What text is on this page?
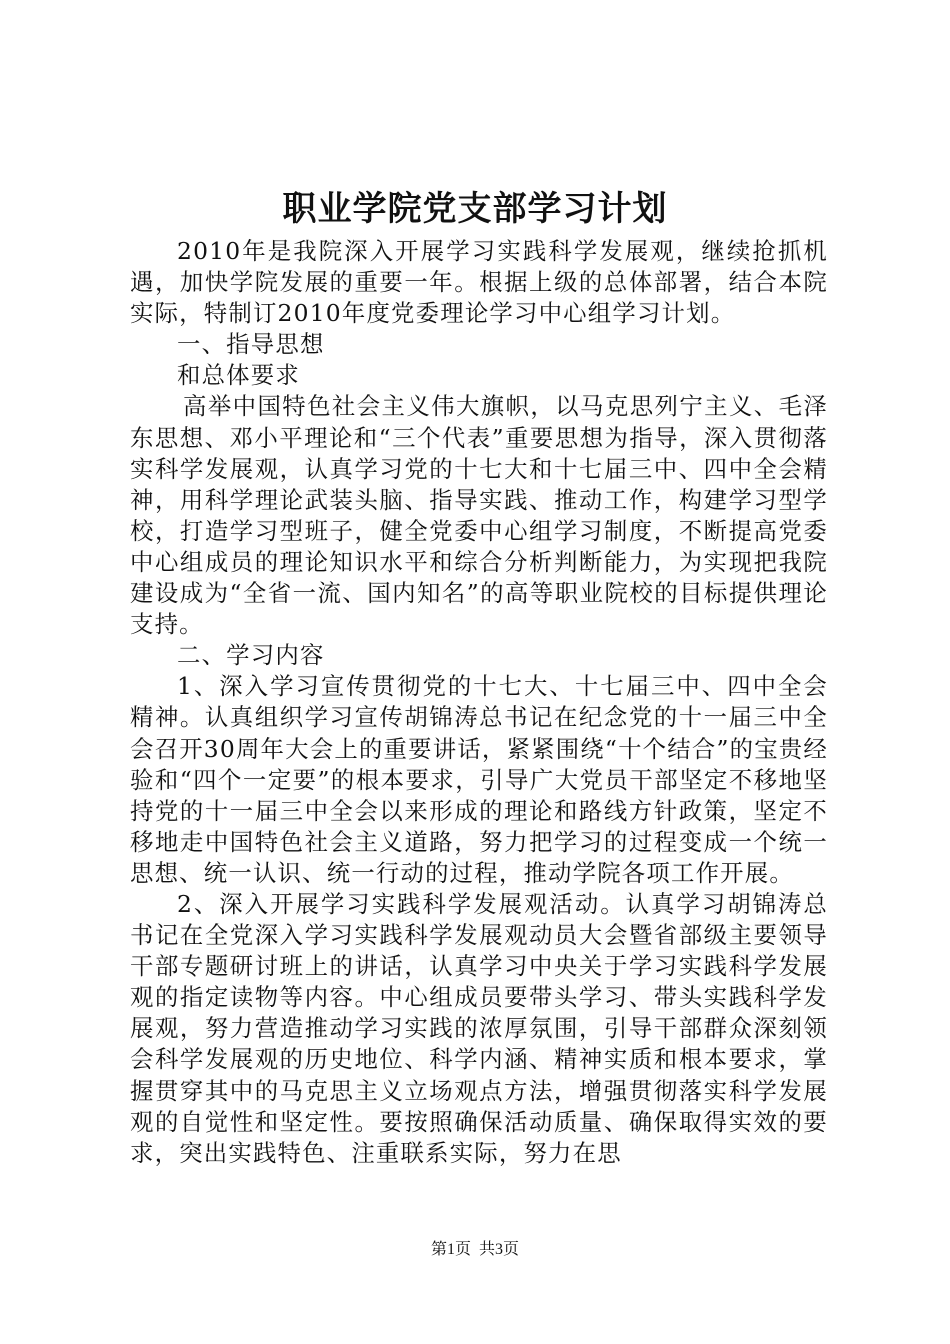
职业学院党支部学习计划

2010年是我院深入开展学习实践科学发展观，继续抢抓机遇，加快学院发展的重要一年。根据上级的总体部署，结合本院实际，特制订2010年度党委理论学习中心组学习计划。

一、指导思想

和总体要求

高举中国特色社会主义伟大旗帜，以马克思列宁主义、毛泽东思想、邓小平理论和“三个代表”重要思想为指导，深入贯彻落实科学发展观，认真学习党的十七大和十七届三中、四中全会精神，用科学理论武装头脑、指导实践、推动工作，构建学习型学校，打造学习型班子，健全党委中心组学习制度，不断提高党委中心组成员的理论知识水平和综合分析判断能力，为实现把我院建设成为“全省一流、国内知名”的高等职业院校的目标提供理论支持。

二、学习内容

1、深入学习宣传贯彻党的十七大、十七届三中、四中全会精神。认真组织学习宣传胡锦涛总书记在纪念党的十一届三中全会召开30周年大会上的重要讲话，紧紧围绕“十个结合”的宝贵经验和“四个一定要”的根本要求，引导广大党员干部坚定不移地坚持党的十一届三中全会以来形成的理论和路线方针政策，坚定不移地走中国特色社会主义道路，努力把学习的过程变成一个统一思想、统一认识、统一行动的过程，推动学院各项工作开展。

2、深入开展学习实践科学发展观活动。认真学习胡锦涛总书记在全党深入学习实践科学发展观动员大会暨省部级主要领导干部专题研讨班上的讲话，认真学习中央关于学习实践科学发展观的指定读物等内容。中心组成员要带头学习、带头实践科学发展观，努力营造推动学习实践的浓厚氛围，引导干部群众深刻领会科学发展观的历史地位、科学内涵、精神实质和根本要求，掌握贯穿其中的马克思主义立场观点方法，增强贯彻落实科学发展观的自觉性和坚定性。要按照确保活动质量、确保取得实效的要求，突出实践特色、注重联系实际，努力在思

第1页 共3页
